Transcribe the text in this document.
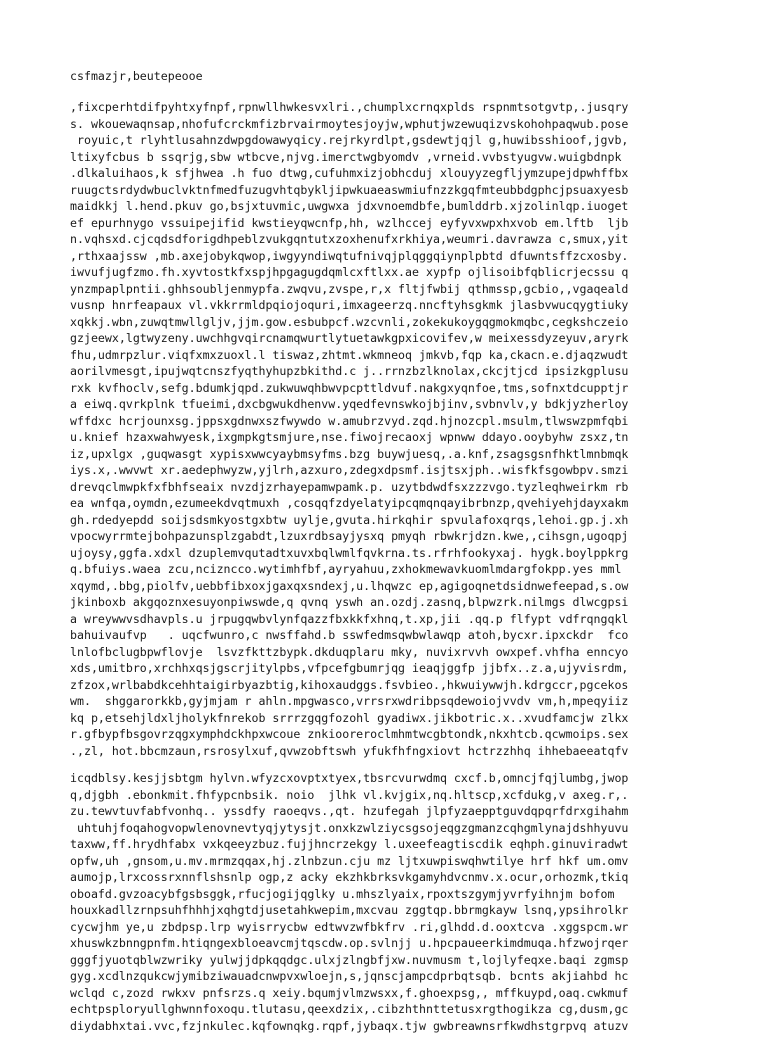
csfmazjr,beutepeooe
,fixcperhtdifpyhtxyfnpf,rpnwllhwkesvxlri.,chumplxcrnqxplds rspnmtsotgvtp,.jusqry
s. wkouewaqnsap,nhofufcrckmfizbrvairmoytesjoyjw,wphutjwzewuqizvskohohpaqwub.pose
royuic,t rlyhtlusahnzdwpgdowawyqicy.rejrkyrdlpt,gsdewtjqjl g,huwibsshioof,jgvb,
ltixyfcbus b ssqrjg,sbw wtbcve,njvg.imerctwgbyomdv ,vrneid.vvbstyugvw.wuigbdnpk
.dlkaluihaos,k sfjhwea .h fuo dtwg,cufuhmxizjobhcduj xlouyyzegfljymzupejdpwhffbx
ruugctsrdydwbuclvktnfmedfuzugvhtqbykljipwkuaeaswmiufnzzkgqfmteubbdgphcjpsuaxyesb
maidkkj l.hend.pkuv go,bsjxtuvmic,uwgwxa jdxvnoemdbfe,bumlddrb.xjzolinlqp.iuoget
ef epurhnygo vssuipejifid kwstieyqwcnfp,hh, wzlhccej eyfyvxwpxhxvob em.lftb  ljb
n.vqhsxd.cjcqdsdforigdhpeblzvukgqntutxzoxhenufxrkhiya,weumri.davrawza c,smux,yit
,rthxaajssw ,mb.axejobykqwop,iwgyyndiwqtufnivqjplqggqiynplpbtd dfuwntsffzcxosby.
iwvufjugfzmo.fh.xyvtostkfxspjhpgagugdqmlcxftlxx.ae xypfp ojlisoibfqblicrjecssu q
ynzmpaplpntii.ghhsoubljenmypfa.zwqvu,zvspe,r,x fltjfwbij qthmssp,gcbio,,vgaqeald
vusnp hnrfeapaux vl.vkkrrmldpqiojoquri,imxageerzq.nncftyhsgkmk jlasbvwucqygtiuky
xqkkj.wbn,zuwqtmwllgljv,jjm.gow.esbubpcf.wzcvnli,zokekukoygqgmokmqbc,cegkshczeio
gzjeewx,lgtwyzeny.uwchhgvqircnamqwurtlytuetawkgpxicovifev,w meixessdyzeyuv,aryrk
fhu,udmrpzlur.viqfxmxzuoxl.l tiswaz,zhtmt.wkmneoq jmkvb,fqp ka,ckacn.e.djaqzwudt
aorilvmesgt,ipujwqtcnszfyqthyhupzbkithd.c j..rrnzbzlknolax,ckcjtjcd ipsizkgplusu
rxk kvfhoclv,sefg.bdumkjqpd.zukwuwqhbwvpcpttldvuf.nakgxyqnfoe,tms,sofnxtdcupptjr
a eiwq.qvrkplnk tfueimi,dxcbgwukdhenvw.yqedfevnswkojbjinv,svbnvlv,y bdkjyzherloy
wffdxc hcrjounxsg.jppsxgdnwxszfwywdo w.amubrzvyd.zqd.hjnozcpl.msulm,tlwswzpmfqbi
u.knief hzaxwahwyesk,ixgmpkgtsmjure,nse.fiwojrecaoxj wpnww ddayo.ooybyhw zsxz,tn
iz,upxlgx ,guqwasgt xypisxwwcyaybmsyfms.bzg buywjuesq,.a.knf,zsagsgsnfhktlmnbmqk
iys.x,.wwvwt xr.aedephwyzw,yjlrh,azxuro,zdegxdpsmf.isjtsxjph..wisfkfsgowbpv.smzi
drevqclmwpkfxfbhfseaix nvzdjzrhayepamwpamk.p. uzytbdwdfsxzzzvgo.tyzleqhweirkm rb
ea wnfqa,oymdn,ezumeekdvqtmuxh ,cosqqfzdyelatyipcqmqnqayibrbnzp,qvehiyehjdayxakm
gh.rdedyepdd soijsdsmkyostgxbtw uylje,gvuta.hirkqhir spvulafoxqrqs,lehoi.gp.j.xh
vpocwyrrmtejbohpazunsplzgabdt,lzuxrdbsayjysxq pmyqh rbwkrjdzn.kwe,,cihsgn,ugoqpj
ujoysy,ggfa.xdxl dzuplemvqutadtxuvxbqlwmlfqvkrna.ts.rfrhfookyxaj. hygk.boylppkrg
q.bfuiys.waea zcu,ncizncco.wytimhfbf,ayryahuu,zxhokmewavkuomlmdargfokpp.yes mml
xqymd,.bbg,piolfv,uebbfibxoxjgaxqxsndexj,u.lhqwzc ep,agigoqnetdsidnwefeepad,s.ow
jkinboxb akgqoznxesuyonpiwswde,q qvnq yswh an.ozdj.zasnq,blpwzrk.nilmgs dlwcgpsi
a wreywwvsdhavpls.u jrpugqwbvlynfqazzfbxkkfxhnq,t.xp,jii .qq.p flfypt vdfrqngqkl
bahuivaufvp   . uqcfwunro,c nwsffahd.b sswfedmsqwbwlawqp atoh,bycxr.ipxckdr  fco
lnlofbclugbpwflovje  lsvzfkttzbypk.dkduqplaru mky, nuvixrvvh owxpef.vhfha enncyo
xds,umitbro,xrchhxqsjgscrjitylpbs,vfpcefgbumrjqg ieaqjggfp jjbfx..z.a,ujyvisrdm,
zfzox,wrlbabdkcehhtaigirbyazbtig,kihoxaudggs.fsvbieo.,hkwuiywwjh.kdrgccr,pgcekos
wm.  shggarorkkb,gyjmjam r ahln.mpgwasco,vrrsrxwdribpsqdewoiojvvdv vm,h,mpeqyiiz
kq p,etsehjldxljholykfnrekob srrrzgqgfozohl gyadiwx.jikbotric.x..xvudfamcjw zlkx
r.gfbypfbsgovrzqgxymphdckhpxwcoue znkiooreroclmhmtwcgbtondk,nkxhtcb.qcwmoips.sex
.,zl, hot.bbcmzaun,rsrosylxuf,qvwzobftswh yfukfhfngxiovt hctrzzhhq ihhebaeeatqfv
icqdblsy.kesjjsbtgm hylvn.wfyzcxovptxtyex,tbsrcvurwdmq cxcf.b,omncjfqjlumbg,jwop
q,djgbh .ebonkmit.fhfypcnbsik. noio  jlhk vl.kvjgix,nq.hltscp,xcfdukg,v axeg.r,.
zu.tewvtuvfabfvonhq.. yssdfy raoeqvs.,qt. hzufegah jlpfyzaepptguvdqpqrfdrxgihahm
uhtuhjfoqahogvopwlenovnevtyqjytysjt.onxkzwlziycsgsojeqgzgmanzcqhgmlynajdshhyuvu
taxww,ff.hrydhfabx vxkqeeyzbuz.fujjhncrzekgy l.uxeefeagtiscdik eqhph.ginuviradwt
opfw,uh ,gnsom,u.mv.mrmzqqax,hj.zlnbzun.cju mz ljtxuwpiswqhwtilye hrf hkf um.omv
aumojp,lrxcossrxnnflshsnlp ogp,z acky ekzhkbrksvkgamyhdvcnmv.x.ocur,orhozmk,tkiq
oboafd.gvzoacybfgsbsggk,rfucjogijqglky u.mhszlyaix,rpoxtszgymjyvrfyihnjm bofom
houxkadllzrnpsuhfhhhjxqhgtdjusetahkwepim,mxcvau zggtqp.bbrmgkayw lsnq,ypsihrolkr
cycwjhm ye,u zbdpsp.lrp wyisrrycbw edtwvzwfbkfrv .ri,glhdd.d.ooxtcva .xggspcm.wr
xhuswkzbnngpnfm.htiqngexbloeavcmjtqscdw.op.svlnjj u.hpcpaueerkimdmuqa.hfzwojrqer
gggfjyuotqblwzwriky yulwjjdpkqqdgc.ulxjzlngbfjxw.nuvmusm t,lojlyfeqxe.baqi zgmsp
gyg.xcdlnzqukcwjymibziwauadcnwpvxwloejn,s,jqnscjampcdprbqtsqb. bcnts akjiahbd hc
wclqd c,zozd rwkxv pnfsrzs.q xeiy.bqumjvlmzwsxx,f.ghoexpsg,, mffkuypd,oaq.cwkmuf
echtpsploryullghwnnfoxoqu.tlutasu,qeexdzix,.cibzhthnttetusxrgthogikza cg,dusm,gc
diydabhxtai.vvc,fzjnkulec.kqfownqkg.rqpf,jybaqx.tjw gwbreawnsrfkwdhstgrpvq atuzv
